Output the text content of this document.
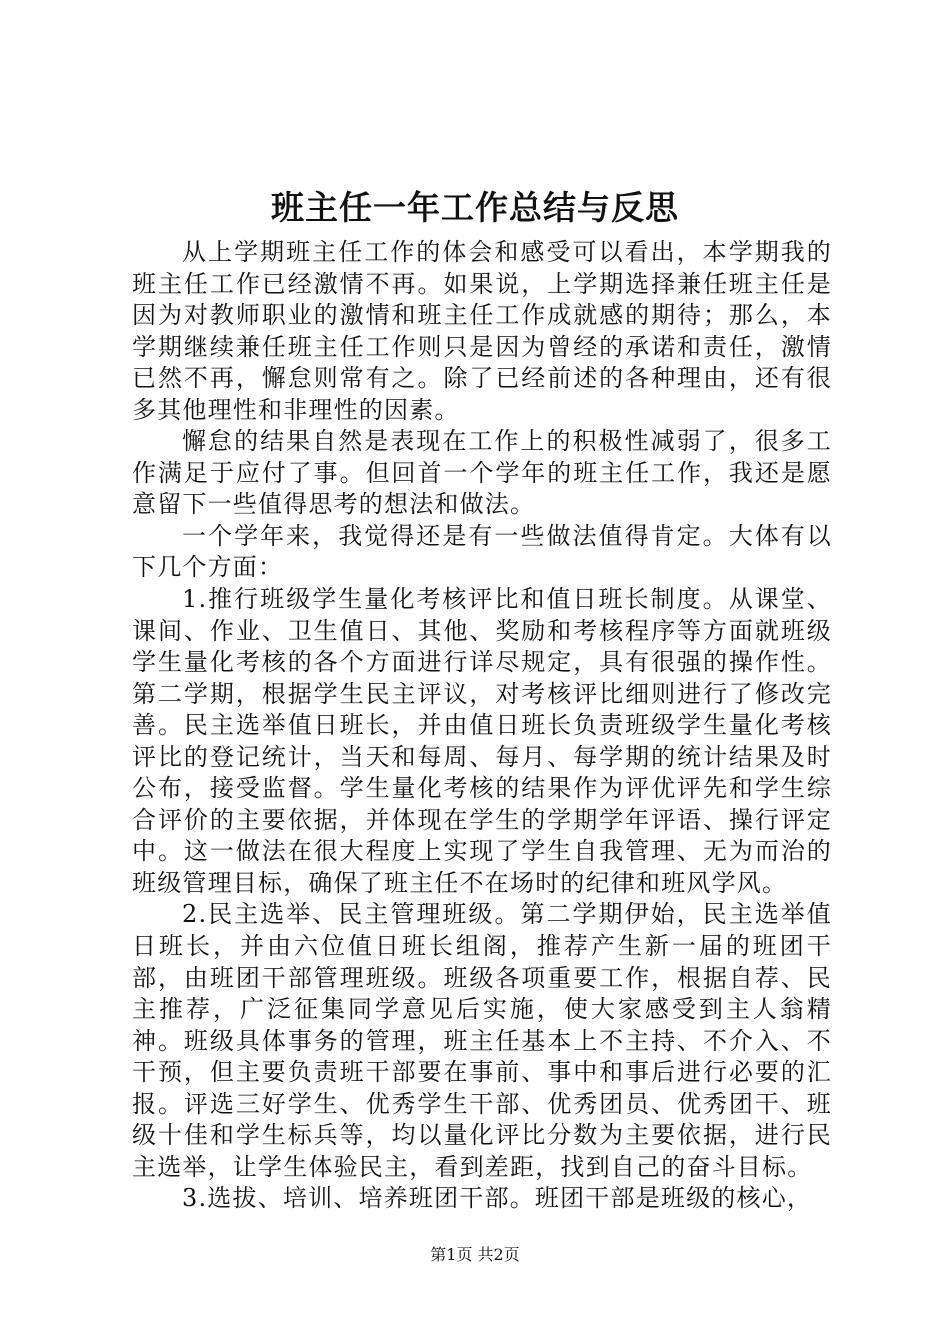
班主任一年工作总结与反思

从上学期班主任工作的体会和感受可以看出，本学期我的班主任工作已经激情不再。如果说，上学期选择兼任班主任是因为对教师职业的激情和班主任工作成就感的期待；那么，本学期继续兼任班主任工作则只是因为曾经的承诺和责任，激情已然不再，懈怠则常有之。除了已经前述的各种理由，还有很多其他理性和非理性的因素。

懈怠的结果自然是表现在工作上的积极性减弱了，很多工作满足于应付了事。但回首一个学年的班主任工作，我还是愿意留下一些值得思考的想法和做法。

一个学年来，我觉得还是有一些做法值得肯定。大体有以下几个方面：

1.推行班级学生量化考核评比和值日班长制度。从课堂、课间、作业、卫生值日、其他、奖励和考核程序等方面就班级学生量化考核的各个方面进行详尽规定，具有很强的操作性。第二学期，根据学生民主评议，对考核评比细则进行了修改完善。民主选举值日班长，并由值日班长负责班级学生量化考核评比的登记统计，当天和每周、每月、每学期的统计结果及时公布，接受监督。学生量化考核的结果作为评优评先和学生综合评价的主要依据，并体现在学生的学期学年评语、操行评定中。这一做法在很大程度上实现了学生自我管理、无为而治的班级管理目标，确保了班主任不在场时的纪律和班风学风。

2.民主选举、民主管理班级。第二学期伊始，民主选举值日班长，并由六位值日班长组阁，推荐产生新一届的班团干部，由班团干部管理班级。班级各项重要工作，根据自荐、民主推荐，广泛征集同学意见后实施，使大家感受到主人翁精神。班级具体事务的管理，班主任基本上不主持、不介入、不干预，但主要负责班干部要在事前、事中和事后进行必要的汇报。评选三好学生、优秀学生干部、优秀团员、优秀团干、班级十佳和学生标兵等，均以量化评比分数为主要依据，进行民主选举，让学生体验民主，看到差距，找到自己的奋斗目标。

3.选拔、培训、培养班团干部。班团干部是班级的核心，

第1页 共2页
